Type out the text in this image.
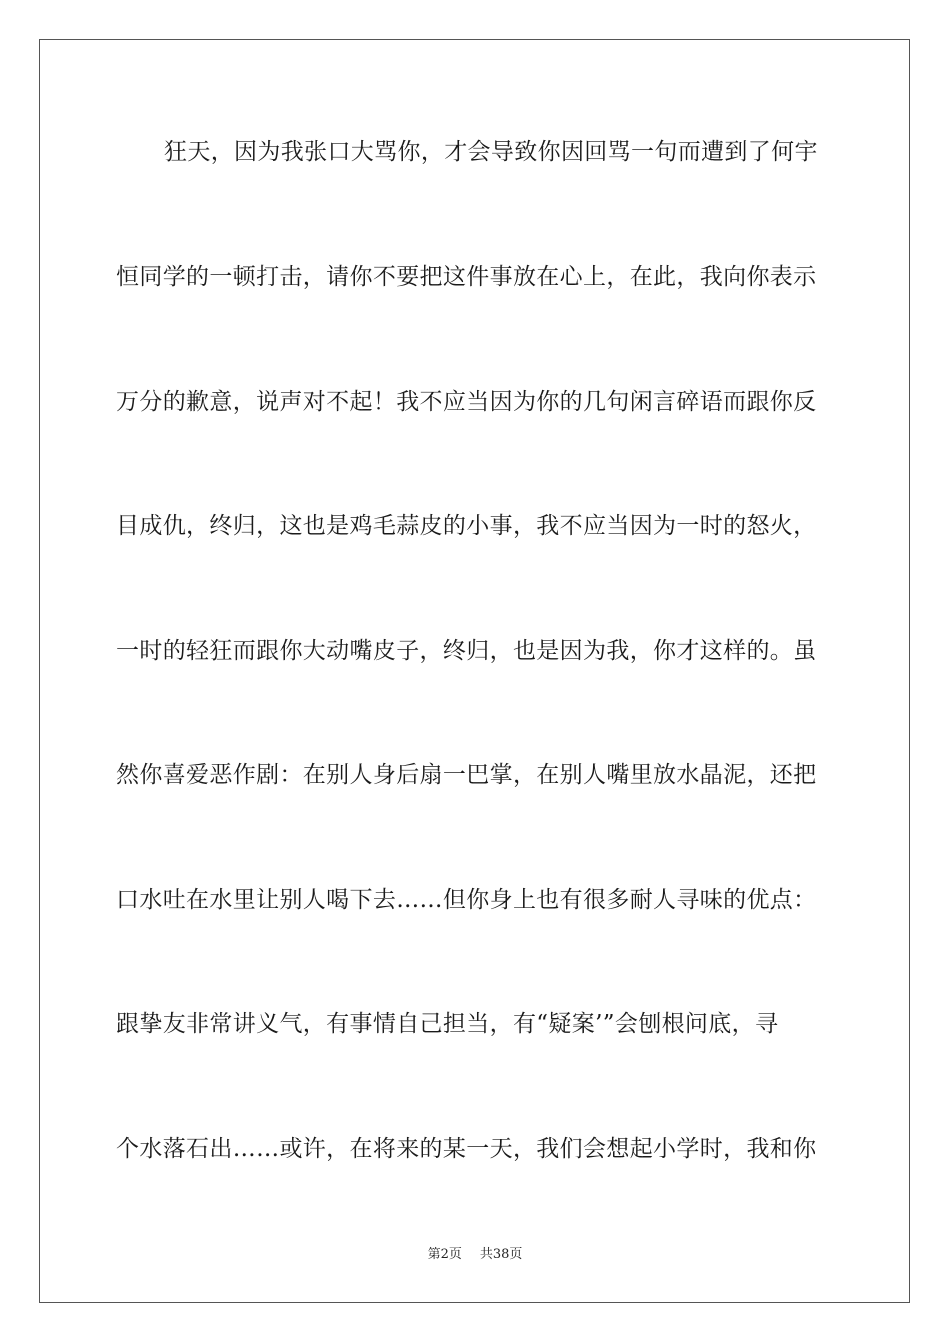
狂天，因为我张口大骂你，才会导致你因回骂一句而遭到了何宇
恒同学的一顿打击，请你不要把这件事放在心上，在此，我向你表示
万分的歉意，说声对不起！我不应当因为你的几句闲言碎语而跟你反
目成仇，终归，这也是鸡毛蒜皮的小事，我不应当因为一时的怒火，
一时的轻狂而跟你大动嘴皮子，终归，也是因为我，你才这样的。虽
然你喜爱恶作剧：在别人身后扇一巴掌，在别人嘴里放水晶泥，还把
口水吐在水里让别人喝下去……但你身上也有很多耐人寻味的优点：
跟挚友非常讲义气，有事情自己担当，有“疑案’”会刨根问底，寻
个水落石出……或许，在将来的某一天，我们会想起小学时，我和你
第2页 共38页
